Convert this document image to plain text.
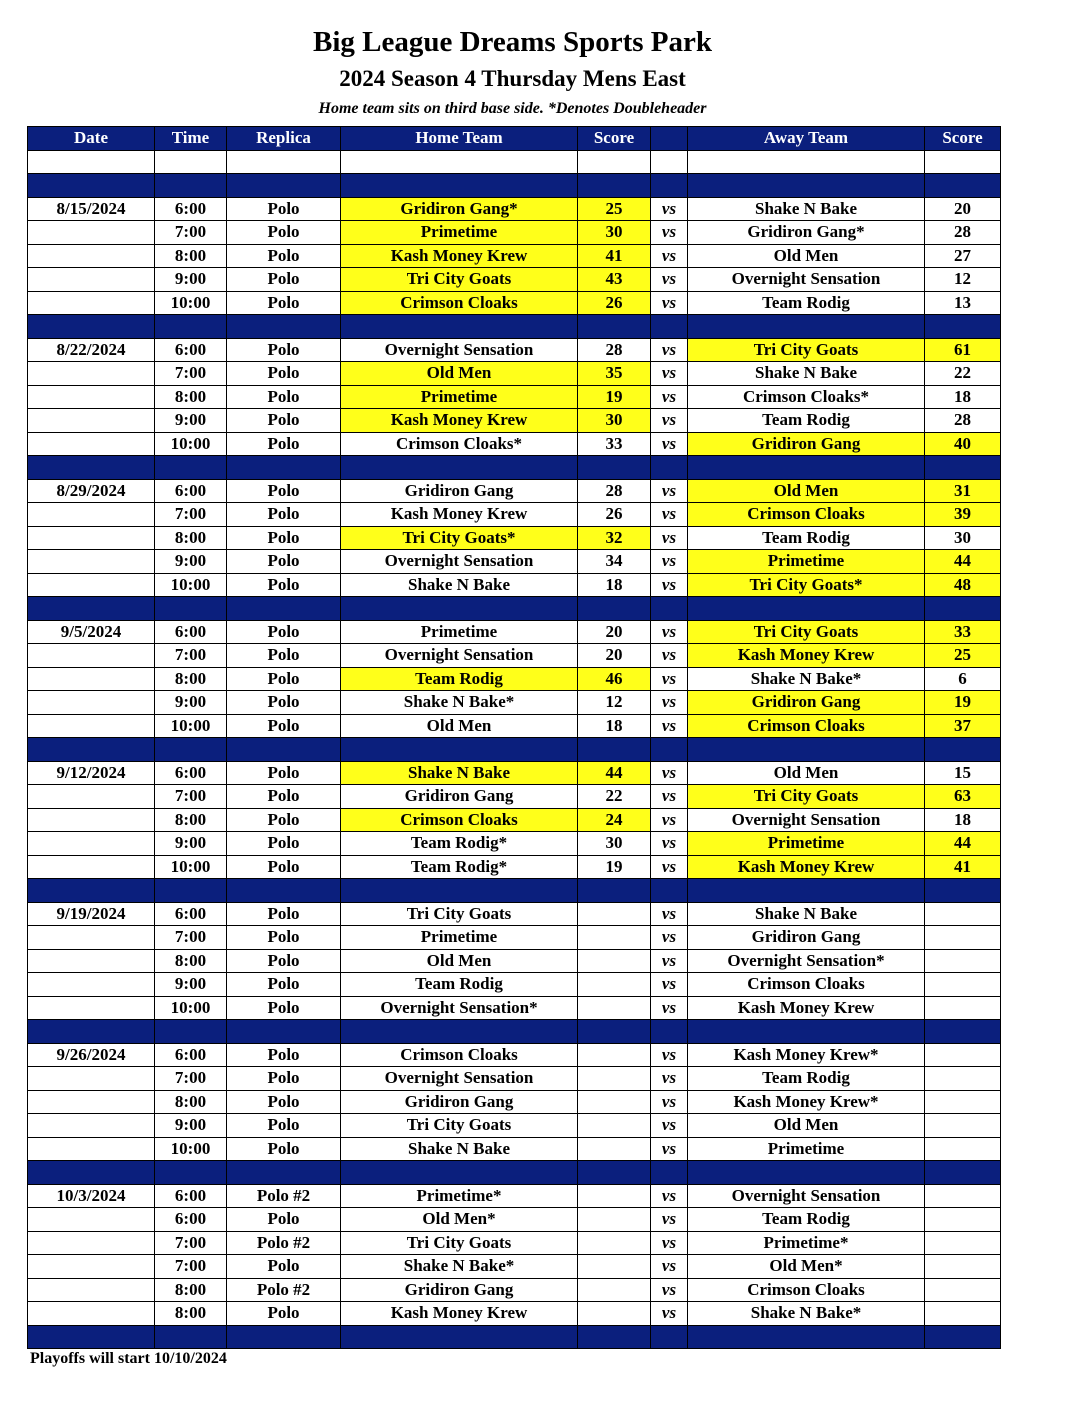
Big League Dreams Sports Park
2024 Season 4 Thursday Mens East
Home team sits on third base side. *Denotes Doubleheader
Date	Time	Replica	Home Team	Score		Away Team	Score

8/15/2024	6:00	Polo	Gridiron Gang*	25	vs	Shake N Bake	20
	7:00	Polo	Primetime	30	vs	Gridiron Gang*	28
	8:00	Polo	Kash Money Krew	41	vs	Old Men	27
	9:00	Polo	Tri City Goats	43	vs	Overnight Sensation	12
	10:00	Polo	Crimson Cloaks	26	vs	Team Rodig	13

8/22/2024	6:00	Polo	Overnight Sensation	28	vs	Tri City Goats	61
	7:00	Polo	Old Men	35	vs	Shake N Bake	22
	8:00	Polo	Primetime	19	vs	Crimson Cloaks*	18
	9:00	Polo	Kash Money Krew	30	vs	Team Rodig	28
	10:00	Polo	Crimson Cloaks*	33	vs	Gridiron Gang	40

8/29/2024	6:00	Polo	Gridiron Gang	28	vs	Old Men	31
	7:00	Polo	Kash Money Krew	26	vs	Crimson Cloaks	39
	8:00	Polo	Tri City Goats*	32	vs	Team Rodig	30
	9:00	Polo	Overnight Sensation	34	vs	Primetime	44
	10:00	Polo	Shake N Bake	18	vs	Tri City Goats*	48

9/5/2024	6:00	Polo	Primetime	20	vs	Tri City Goats	33
	7:00	Polo	Overnight Sensation	20	vs	Kash Money Krew	25
	8:00	Polo	Team Rodig	46	vs	Shake N Bake*	6
	9:00	Polo	Shake N Bake*	12	vs	Gridiron Gang	19
	10:00	Polo	Old Men	18	vs	Crimson Cloaks	37

9/12/2024	6:00	Polo	Shake N Bake	44	vs	Old Men	15
	7:00	Polo	Gridiron Gang	22	vs	Tri City Goats	63
	8:00	Polo	Crimson Cloaks	24	vs	Overnight Sensation	18
	9:00	Polo	Team Rodig*	30	vs	Primetime	44
	10:00	Polo	Team Rodig*	19	vs	Kash Money Krew	41

9/19/2024	6:00	Polo	Tri City Goats		vs	Shake N Bake	
	7:00	Polo	Primetime		vs	Gridiron Gang	
	8:00	Polo	Old Men		vs	Overnight Sensation*	
	9:00	Polo	Team Rodig		vs	Crimson Cloaks	
	10:00	Polo	Overnight Sensation*		vs	Kash Money Krew	

9/26/2024	6:00	Polo	Crimson Cloaks		vs	Kash Money Krew*	
	7:00	Polo	Overnight Sensation		vs	Team Rodig	
	8:00	Polo	Gridiron Gang		vs	Kash Money Krew*	
	9:00	Polo	Tri City Goats		vs	Old Men	
	10:00	Polo	Shake N Bake		vs	Primetime	

10/3/2024	6:00	Polo #2	Primetime*		vs	Overnight Sensation	
	6:00	Polo	Old Men*		vs	Team Rodig	
	7:00	Polo #2	Tri City Goats		vs	Primetime*	
	7:00	Polo	Shake N Bake*		vs	Old Men*	
	8:00	Polo #2	Gridiron Gang		vs	Crimson Cloaks	
	8:00	Polo	Kash Money Krew		vs	Shake N Bake*	

Playoffs will start 10/10/2024
